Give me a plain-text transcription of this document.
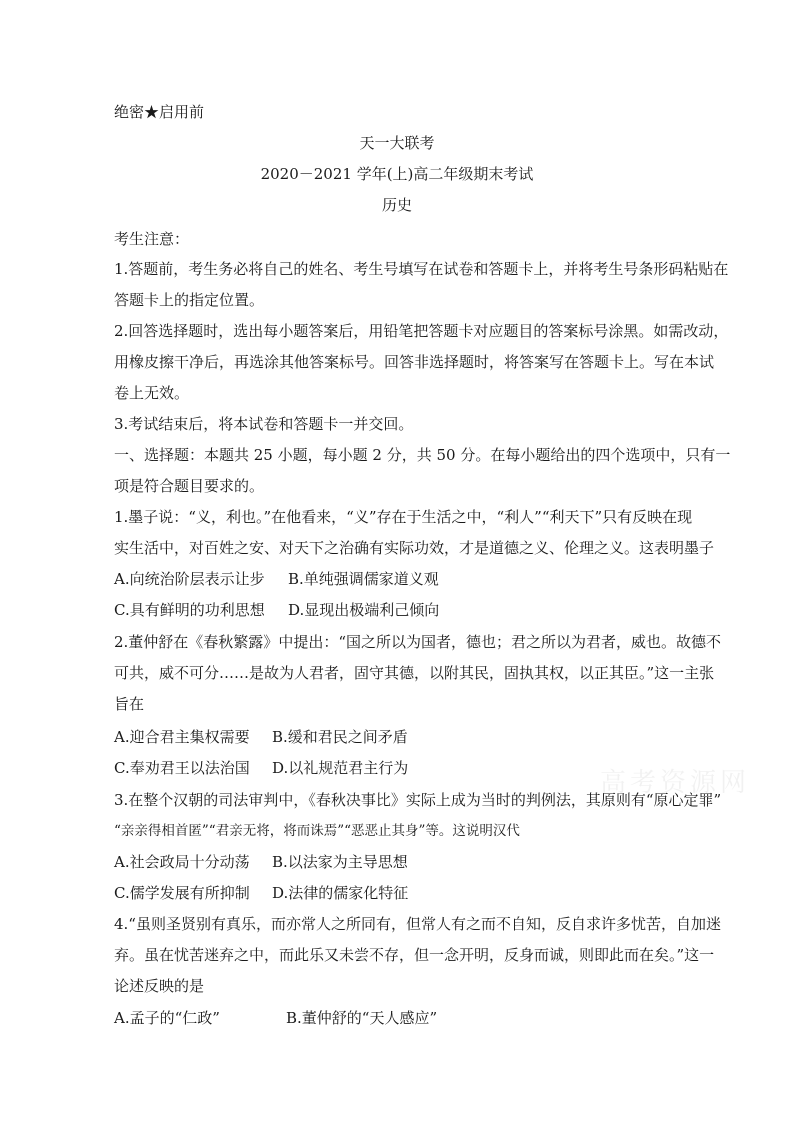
绝密★启用前
天一大联考
2020－2021 学年(上)高二年级期末考试
历史
考生注意：
1.答题前，考生务必将自己的姓名、考生号填写在试卷和答题卡上，并将考生号条形码粘贴在
答题卡上的指定位置。
2.回答选择题时，选出每小题答案后，用铅笔把答题卡对应题目的答案标号涂黑。如需改动，
用橡皮擦干净后，再选涂其他答案标号。回答非选择题时，将答案写在答题卡上。写在本试
卷上无效。
3.考试结束后，将本试卷和答题卡一并交回。
一、选择题：本题共 25 小题，每小题 2 分，共 50 分。在每小题给出的四个选项中，只有一
项是符合题目要求的。
1.墨子说：“义，利也。”在他看来，“义”存在于生活之中，“利人”“利天下”只有反映在现
实生活中，对百姓之安、对天下之治确有实际功效，才是道德之义、伦理之义。这表明墨子
A.向统治阶层表示让步 B.单纯强调儒家道义观
C.具有鲜明的功利思想 D.显现出极端利己倾向
2.董仲舒在《春秋繁露》中提出：“国之所以为国者，德也；君之所以为君者，威也。故德不
可共，威不可分……是故为人君者，固守其德，以附其民，固执其权，以正其臣。”这一主张
旨在
A.迎合君主集权需要 B.缓和君民之间矛盾
C.奉劝君王以法治国 D.以礼规范君主行为
3.在整个汉朝的司法审判中，《春秋决事比》实际上成为当时的判例法，其原则有“原心定罪”
“亲亲得相首匿”“君亲无将，将而诛焉”“恶恶止其身”等。这说明汉代
A.社会政局十分动荡 B.以法家为主导思想
C.儒学发展有所抑制 D.法律的儒家化特征
4.“虽则圣贤别有真乐，而亦常人之所同有，但常人有之而不自知，反自求许多忧苦，自加迷
弃。虽在忧苦迷弃之中，而此乐又未尝不存，但一念开明，反身而诚，则即此而在矣。”这一
论述反映的是
A.孟子的“仁政”	B.董仲舒的“天人感应”
高考资源网
